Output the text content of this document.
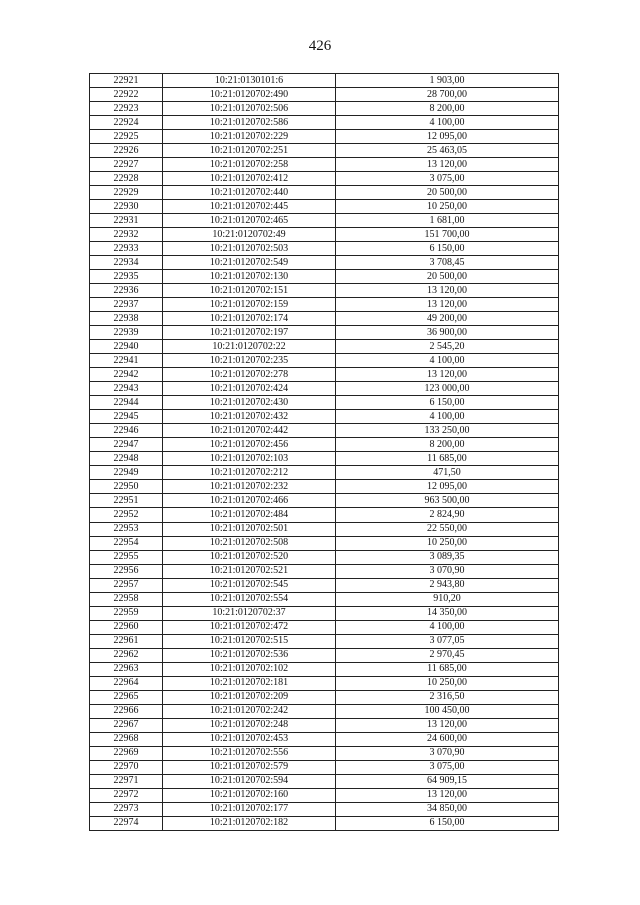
426
22921	10:21:0130101:6	1 903,00
22922	10:21:0120702:490	28 700,00
22923	10:21:0120702:506	8 200,00
22924	10:21:0120702:586	4 100,00
22925	10:21:0120702:229	12 095,00
22926	10:21:0120702:251	25 463,05
22927	10:21:0120702:258	13 120,00
22928	10:21:0120702:412	3 075,00
22929	10:21:0120702:440	20 500,00
22930	10:21:0120702:445	10 250,00
22931	10:21:0120702:465	1 681,00
22932	10:21:0120702:49	151 700,00
22933	10:21:0120702:503	6 150,00
22934	10:21:0120702:549	3 708,45
22935	10:21:0120702:130	20 500,00
22936	10:21:0120702:151	13 120,00
22937	10:21:0120702:159	13 120,00
22938	10:21:0120702:174	49 200,00
22939	10:21:0120702:197	36 900,00
22940	10:21:0120702:22	2 545,20
22941	10:21:0120702:235	4 100,00
22942	10:21:0120702:278	13 120,00
22943	10:21:0120702:424	123 000,00
22944	10:21:0120702:430	6 150,00
22945	10:21:0120702:432	4 100,00
22946	10:21:0120702:442	133 250,00
22947	10:21:0120702:456	8 200,00
22948	10:21:0120702:103	11 685,00
22949	10:21:0120702:212	471,50
22950	10:21:0120702:232	12 095,00
22951	10:21:0120702:466	963 500,00
22952	10:21:0120702:484	2 824,90
22953	10:21:0120702:501	22 550,00
22954	10:21:0120702:508	10 250,00
22955	10:21:0120702:520	3 089,35
22956	10:21:0120702:521	3 070,90
22957	10:21:0120702:545	2 943,80
22958	10:21:0120702:554	910,20
22959	10:21:0120702:37	14 350,00
22960	10:21:0120702:472	4 100,00
22961	10:21:0120702:515	3 077,05
22962	10:21:0120702:536	2 970,45
22963	10:21:0120702:102	11 685,00
22964	10:21:0120702:181	10 250,00
22965	10:21:0120702:209	2 316,50
22966	10:21:0120702:242	100 450,00
22967	10:21:0120702:248	13 120,00
22968	10:21:0120702:453	24 600,00
22969	10:21:0120702:556	3 070,90
22970	10:21:0120702:579	3 075,00
22971	10:21:0120702:594	64 909,15
22972	10:21:0120702:160	13 120,00
22973	10:21:0120702:177	34 850,00
22974	10:21:0120702:182	6 150,00
